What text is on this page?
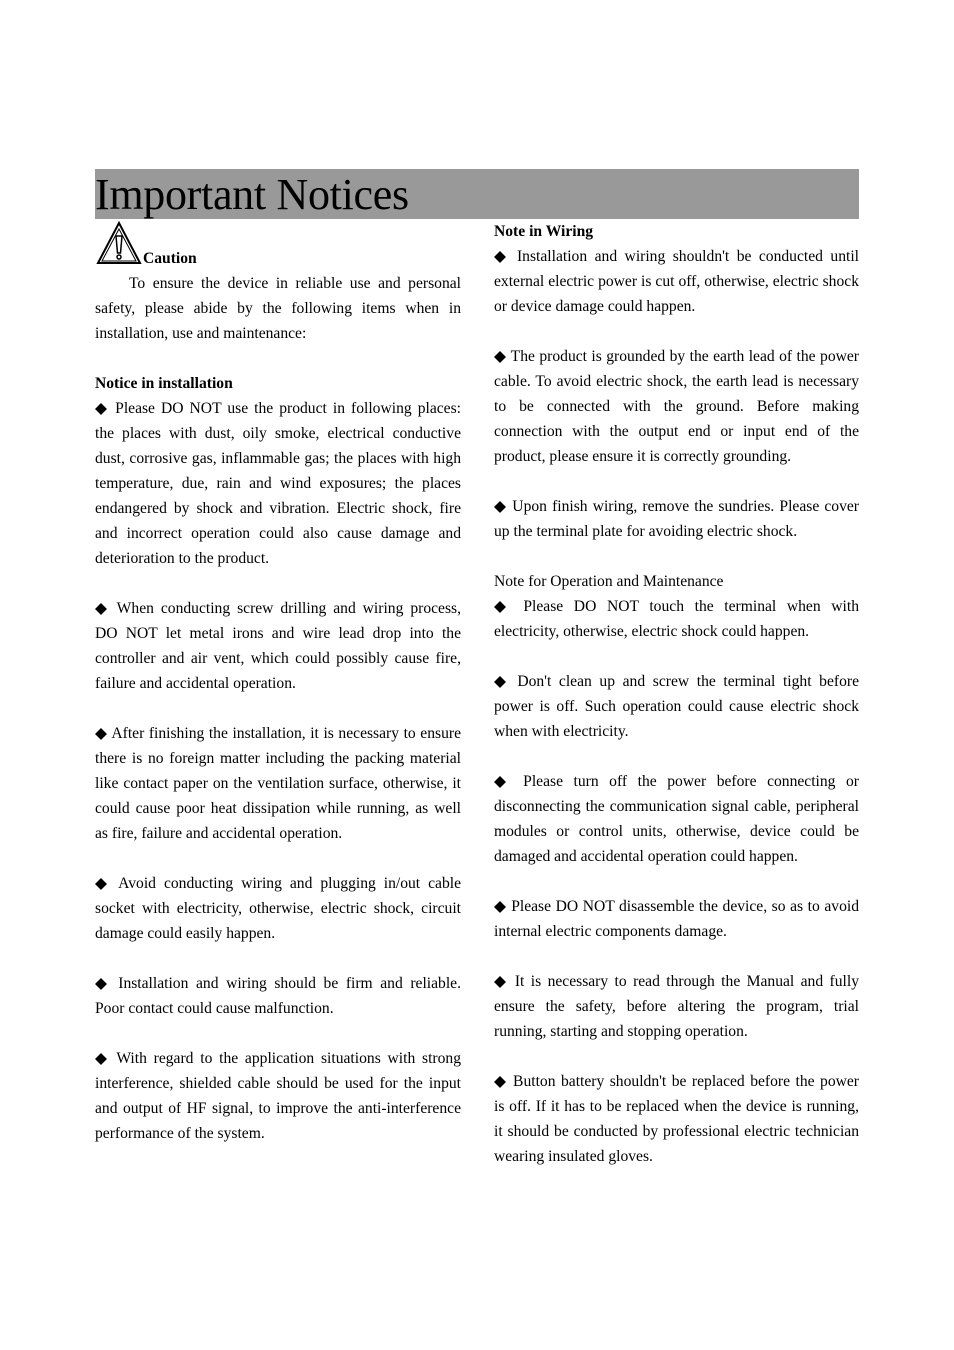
Important Notices
Caution

To ensure the device in reliable use and personal safety, please abide by the following items when in installation, use and maintenance:

Notice in installation

◆ Please DO NOT use the product in following places: the places with dust, oily smoke, electrical conductive dust, corrosive gas, inflammable gas; the places with high temperature, due, rain and wind exposures; the places endangered by shock and vibration. Electric shock, fire and incorrect operation could also cause damage and deterioration to the product.

◆ When conducting screw drilling and wiring process, DO NOT let metal irons and wire lead drop into the controller and air vent, which could possibly cause fire, failure and accidental operation.

◆ After finishing the installation, it is necessary to ensure there is no foreign matter including the packing material like contact paper on the ventilation surface, otherwise, it could cause poor heat dissipation while running, as well as fire, failure and accidental operation.

◆ Avoid conducting wiring and plugging in/out cable socket with electricity, otherwise, electric shock, circuit damage could easily happen.

◆ Installation and wiring should be firm and reliable. Poor contact could cause malfunction.

◆ With regard to the application situations with strong interference, shielded cable should be used for the input and output of HF signal, to improve the anti-interference performance of the system.

Note in Wiring

◆ Installation and wiring shouldn't be conducted until external electric power is cut off, otherwise, electric shock or device damage could happen.

◆ The product is grounded by the earth lead of the power cable. To avoid electric shock, the earth lead is necessary to be connected with the ground. Before making connection with the output end or input end of the product, please ensure it is correctly grounding.

◆ Upon finish wiring, remove the sundries. Please cover up the terminal plate for avoiding electric shock.

Note for Operation and Maintenance

◆ Please DO NOT touch the terminal when with electricity, otherwise, electric shock could happen.

◆ Don't clean up and screw the terminal tight before power is off. Such operation could cause electric shock when with electricity.

◆ Please turn off the power before connecting or disconnecting the communication signal cable, peripheral modules or control units, otherwise, device could be damaged and accidental operation could happen.

◆ Please DO NOT disassemble the device, so as to avoid internal electric components damage.

◆ It is necessary to read through the Manual and fully ensure the safety, before altering the program, trial running, starting and stopping operation.

◆ Button battery shouldn't be replaced before the power is off. If it has to be replaced when the device is running, it should be conducted by professional electric technician wearing insulated gloves.
